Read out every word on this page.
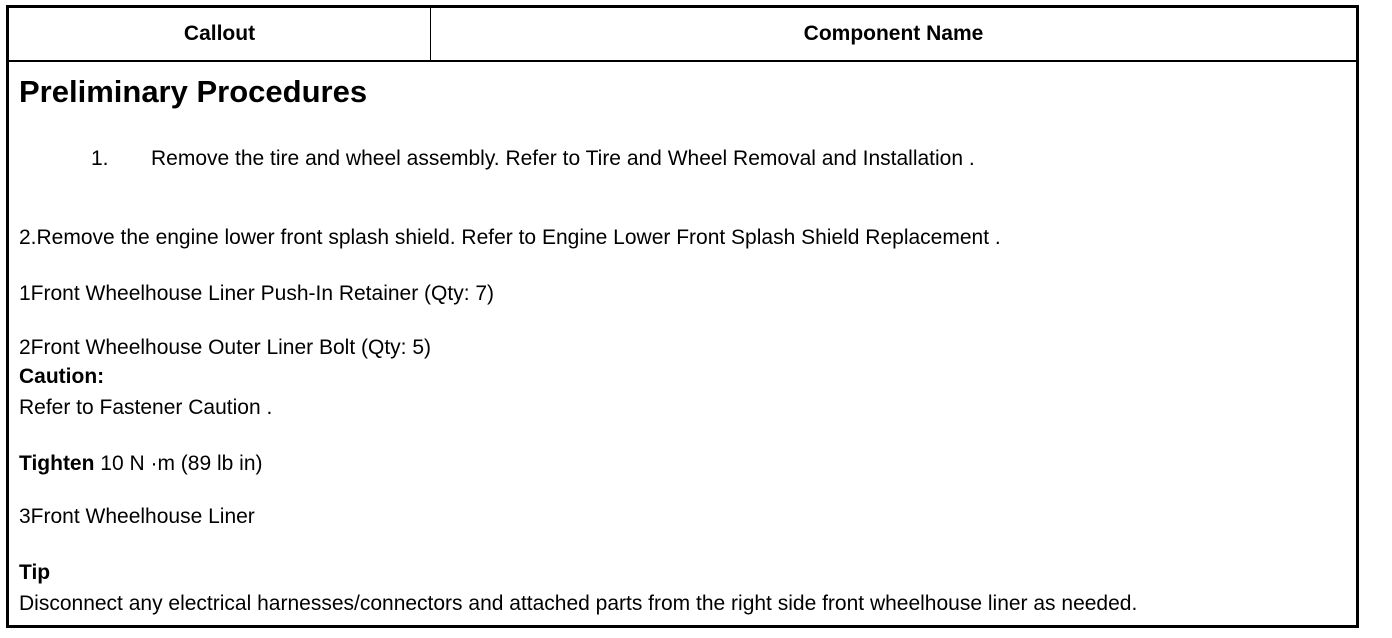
Callout	Component Name
Preliminary Procedures
1. Remove the tire and wheel assembly. Refer to Tire and Wheel Removal and Installation .
2.Remove the engine lower front splash shield. Refer to Engine Lower Front Splash Shield Replacement .
1Front Wheelhouse Liner Push-In Retainer (Qty: 7)
2Front Wheelhouse Outer Liner Bolt (Qty: 5)
Caution:
Refer to Fastener Caution .
Tighten 10 N ·m (89 lb in)
3Front Wheelhouse Liner
Tip
Disconnect any electrical harnesses/connectors and attached parts from the right side front wheelhouse liner as needed.
